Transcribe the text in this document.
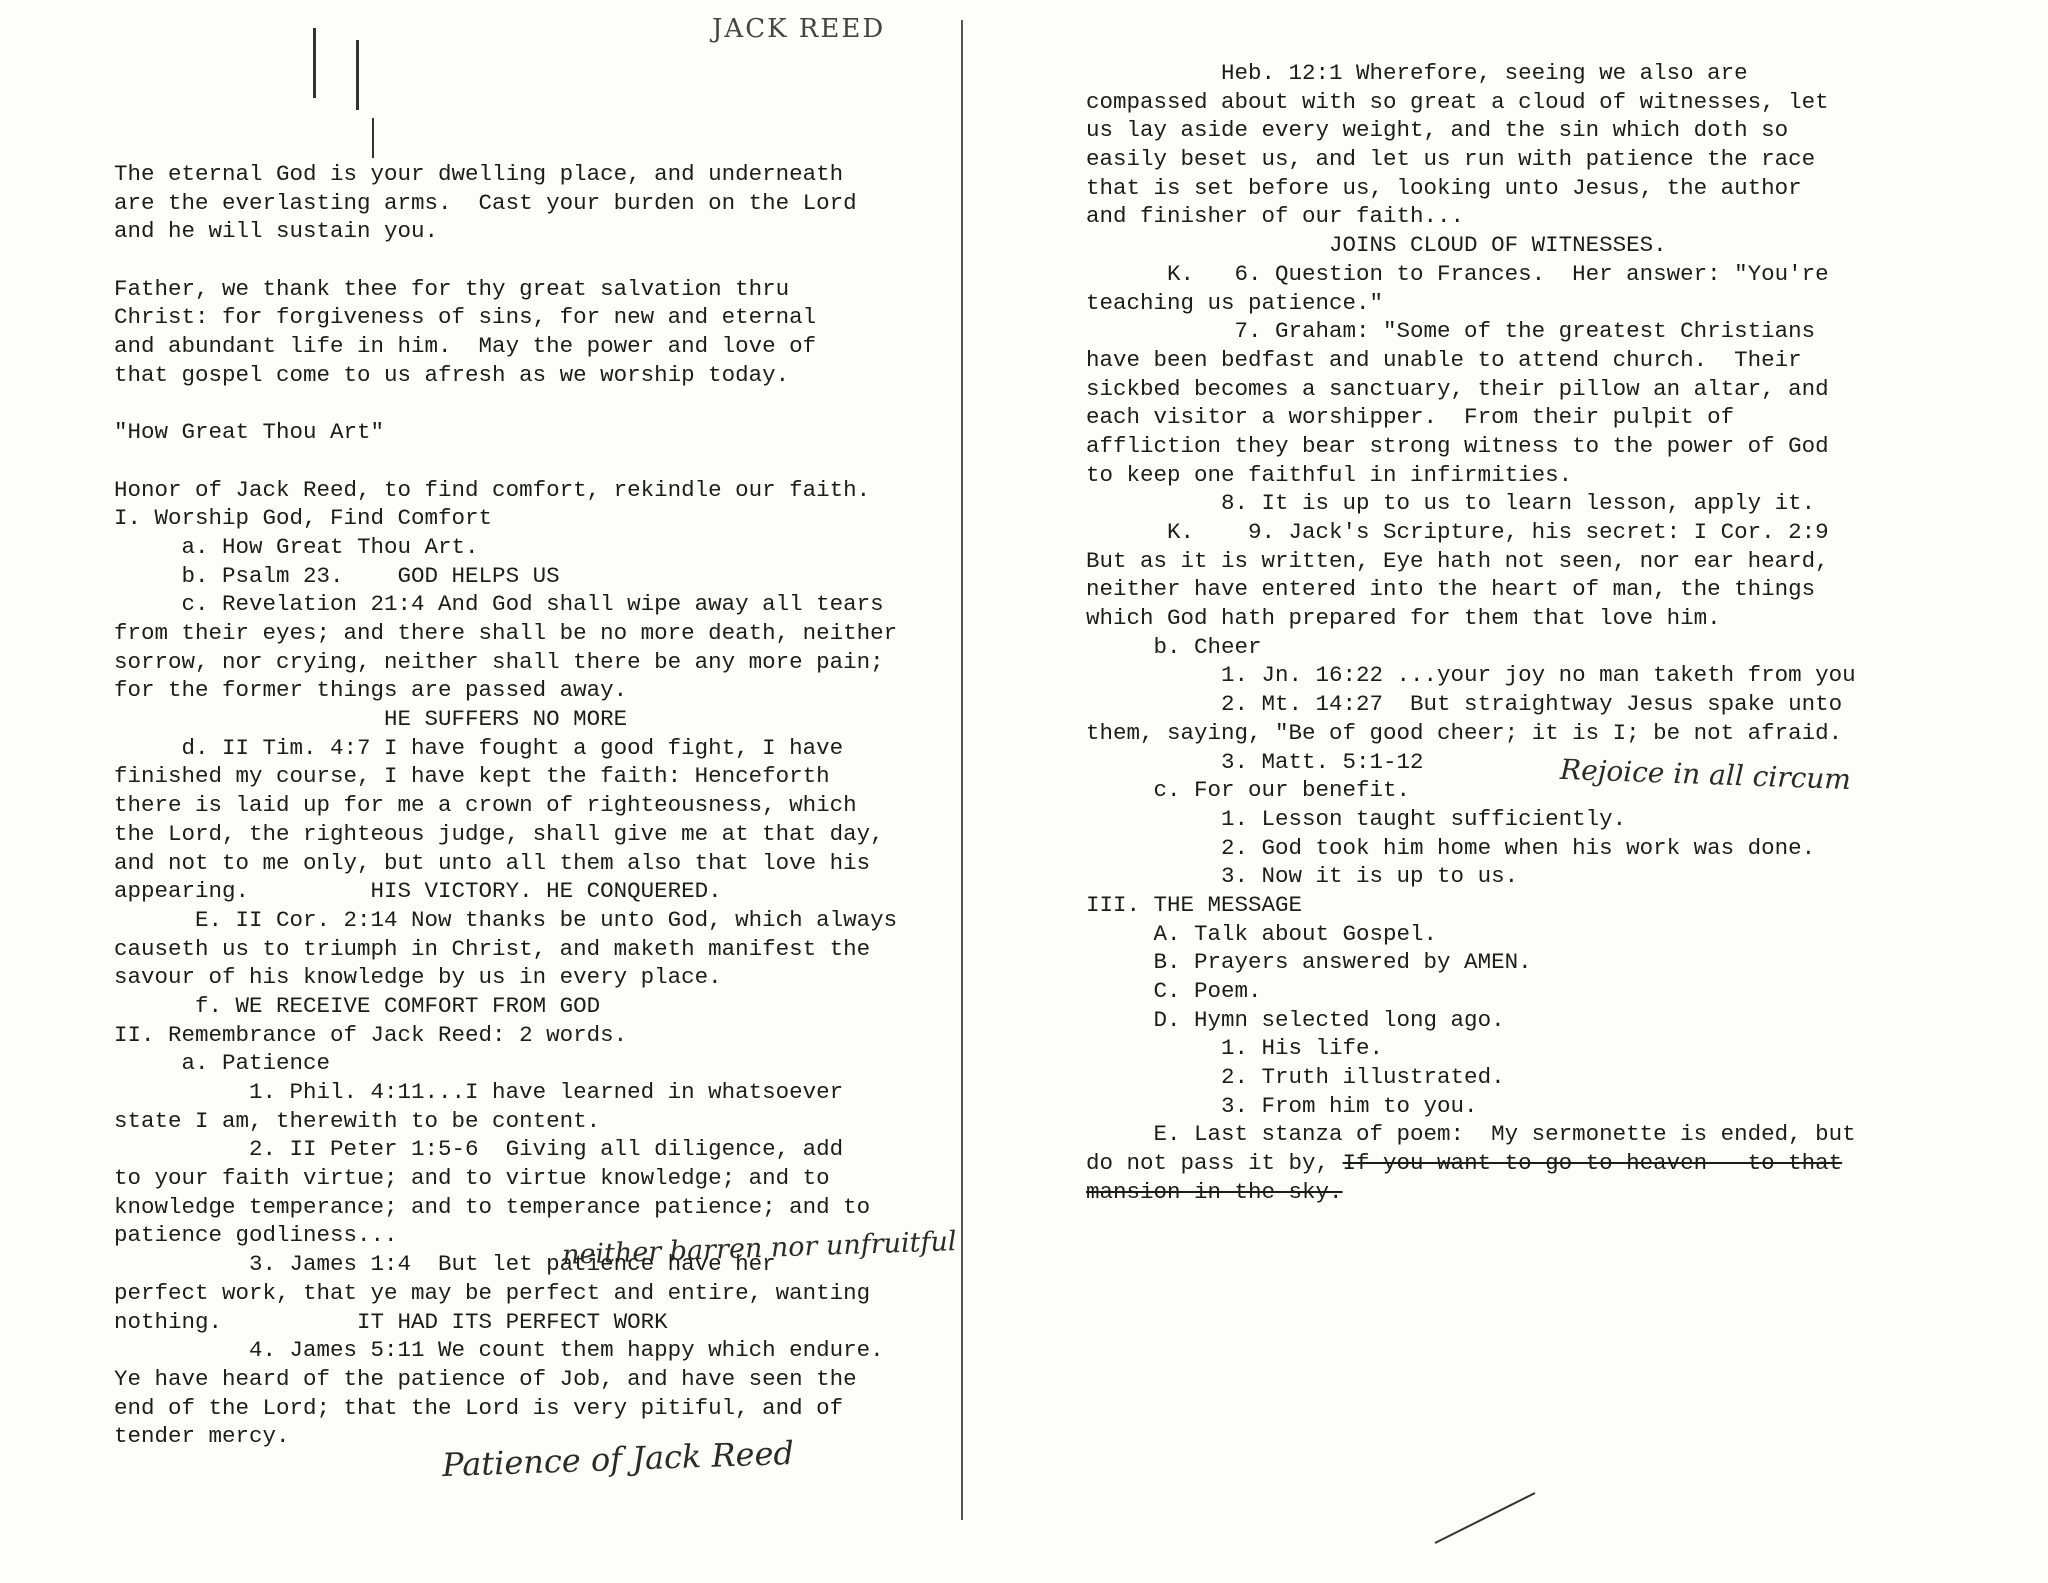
JACK REED
The eternal God is your dwelling place, and underneath
are the everlasting arms.  Cast your burden on the Lord
and he will sustain you.
Father, we thank thee for thy great salvation thru
Christ: for forgiveness of sins, for new and eternal
and abundant life in him.  May the power and love of
that gospel come to us afresh as we worship today.
"How Great Thou Art"
Honor of Jack Reed, to find comfort, rekindle our faith.
I. Worship God, Find Comfort
a. How Great Thou Art.
b. Psalm 23.    GOD HELPS US
c. Revelation 21:4 And God shall wipe away all tears
from their eyes; and there shall be no more death, neither
sorrow, nor crying, neither shall there be any more pain;
for the former things are passed away.
HE SUFFERS NO MORE
d. II Tim. 4:7 I have fought a good fight, I have
finished my course, I have kept the faith: Henceforth
there is laid up for me a crown of righteousness, which
the Lord, the righteous judge, shall give me at that day,
and not to me only, but unto all them also that love his
appearing.         HIS VICTORY. HE CONQUERED.
E. II Cor. 2:14 Now thanks be unto God, which always
causeth us to triumph in Christ, and maketh manifest the
savour of his knowledge by us in every place.
f. WE RECEIVE COMFORT FROM GOD
II. Remembrance of Jack Reed: 2 words.
a. Patience
1. Phil. 4:11...I have learned in whatsoever
state I am, therewith to be content.
2. II Peter 1:5-6  Giving all diligence, add
to your faith virtue; and to virtue knowledge; and to
knowledge temperance; and to temperance patience; and to
patience godliness...
3. James 1:4  But let patience have her
perfect work, that ye may be perfect and entire, wanting
nothing.          IT HAD ITS PERFECT WORK
4. James 5:11 We count them happy which endure.
Ye have heard of the patience of Job, and have seen the
end of the Lord; that the Lord is very pitiful, and of
tender mercy.
neither barren nor unfruitful
Patience of Jack Reed
Heb. 12:1 Wherefore, seeing we also are
compassed about with so great a cloud of witnesses, let
us lay aside every weight, and the sin which doth so
easily beset us, and let us run with patience the race
that is set before us, looking unto Jesus, the author
and finisher of our faith...
JOINS CLOUD OF WITNESSES.
K.   6. Question to Frances.  Her answer: "You're
teaching us patience."
7. Graham: "Some of the greatest Christians
have been bedfast and unable to attend church.  Their
sickbed becomes a sanctuary, their pillow an altar, and
each visitor a worshipper.  From their pulpit of
affliction they bear strong witness to the power of God
to keep one faithful in infirmities.
8. It is up to us to learn lesson, apply it.
K.    9. Jack's Scripture, his secret: I Cor. 2:9
But as it is written, Eye hath not seen, nor ear heard,
neither have entered into the heart of man, the things
which God hath prepared for them that love him.
b. Cheer
1. Jn. 16:22 ...your joy no man taketh from you
2. Mt. 14:27  But straightway Jesus spake unto
them, saying, "Be of good cheer; it is I; be not afraid.
3. Matt. 5:1-12
c. For our benefit.
1. Lesson taught sufficiently.
2. God took him home when his work was done.
3. Now it is up to us.
III. THE MESSAGE
A. Talk about Gospel.
B. Prayers answered by AMEN.
C. Poem.
D. Hymn selected long ago.
1. His life.
2. Truth illustrated.
3. From him to you.
E. Last stanza of poem:  My sermonette is ended, but
do not pass it by, If you want to go to heaven - to that
mansion in the sky.
Rejoice in all circum
